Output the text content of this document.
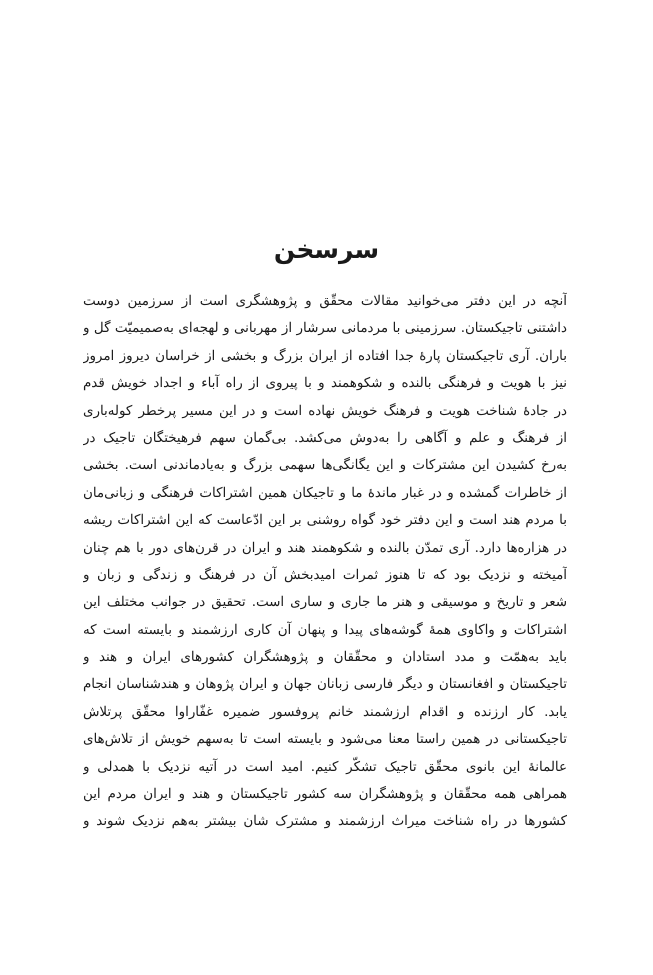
سرسخن
آنچه در این دفتر می‌خوانید مقالات محقّق و پژوهشگری است از سرزمین دوست
داشتنی تاجیکستان. سرزمینی با مردمانی سرشار از مهربانی و لهجه‌ای به‌صمیمیّت گل و
باران. آری تاجیکستان پارهٔ جدا افتاده از ایران بزرگ و بخشی از خراسان دیروز امروز
نیز با هویت و فرهنگی بالنده و شکوهمند و با پیروی از راه آباء و اجداد خویش قدم
در جادهٔ شناخت هویت و فرهنگ خویش نهاده است و در این مسیر پرخطر کوله‌باری
از فرهنگ و علم و آگاهی را به‌دوش می‌کشد. بی‌گمان سهم فرهیختگان تاجیک در
به‌رخ کشیدن این مشترکات و این یگانگی‌ها سهمی بزرگ و به‌یادماندنی است. بخشی
از خاطرات گمشده و در غبار ماندهٔ ما و تاجیکان همین اشتراکات فرهنگی و زبانی‌مان
با مردم هند است و این دفتر خود گواه روشنی بر این ادّعاست که این اشتراکات ریشه
در هزاره‌ها دارد. آری تمدّن بالنده و شکوهمند هند و ایران در قرن‌های دور با هم چنان
آمیخته و نزدیک بود که تا هنوز ثمرات امیدبخش آن در فرهنگ و زندگی و زبان و
شعر و تاریخ و موسیقی و هنر ما جاری و ساری است. تحقیق در جوانب مختلف این
اشتراکات و واکاوی همهٔ گوشه‌های پیدا و پنهان آن کاری ارزشمند و بایسته است که
باید به‌همّت و مدد استادان و محقّقان و پژوهشگران کشورهای ایران و هند و
تاجیکستان و افغانستان و دیگر فارسی زبانان جهان و ایران پژوهان و هندشناسان انجام
یابد. کار ارزنده و اقدام ارزشمند خانم پروفسور ضمیره غفّاراوا محقّق پرتلاش
تاجیکستانی در همین راستا معنا می‌شود و بایسته است تا به‌سهم خویش از تلاش‌های
عالمانهٔ این بانوی محقّق تاجیک تشکّر کنیم. امید است در آتیه نزدیک با همدلی و
همراهی همه محقّقان و پژوهشگران سه کشور تاجیکستان و هند و ایران مردم این
کشورها در راه شناخت میراث ارزشمند و مشترک شان بیشتر به‌هم نزدیک شوند و
